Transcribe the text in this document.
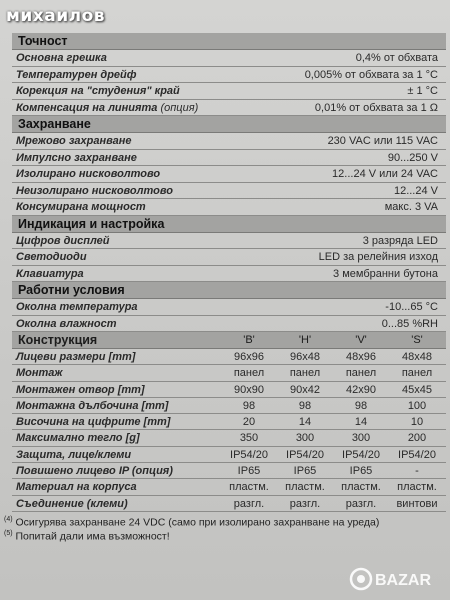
михаилов
Точност
Основна грешка	0,4% от обхвата
Температурен дрейф	0,005% от обхвата за 1 °C
Корекция на "студения" край	± 1 °C
Компенсация на линията (опция)	0,01% от обхвата за 1 Ω
Захранване
Мрежово захранване	230 VAC или 115 VAC
Импулсно захранване	90...250 V
Изолирано нисковолтово	12...24 V или 24 VAC
Неизолирано нисковолтово	12...24 V
Консумирана мощност	макс. 3 VA
Индикация и настройка
Цифров дисплей	3 разряда LED
Светодиоди	LED за релейния изход
Клавиатура	3 мембранни бутона
Работни условия
Околна температура	-10...65 °C
Околна влажност	0...85 %RH
Конструкция	'B'	'H'	'V'	'S'
Лицеви размери [mm]	96x96	96x48	48x96	48x48
Монтаж	панел	панел	панел	панел
Монтажен отвор [mm]	90x90	90x42	42x90	45x45
Монтажна дълбочина [mm]	98	98	98	100
Височина на цифрите [mm]	20	14	14	10
Максимално тегло [g]	350	300	300	200
Защита, лице/клеми	IP54/20	IP54/20	IP54/20	IP54/20
Повишено лицево IP (опция)	IP65	IP65	IP65	-
Материал на корпуса	пластм.	пластм.	пластм.	пластм.
Съединение (клеми)	разгл.	разгл.	разгл.	винтови
$^{(4)}$ Осигурява захранване 24 VDC (само при изолирано захранване на уреда)
$^{(5)}$ Попитай дали има възможност!
BAZAR
